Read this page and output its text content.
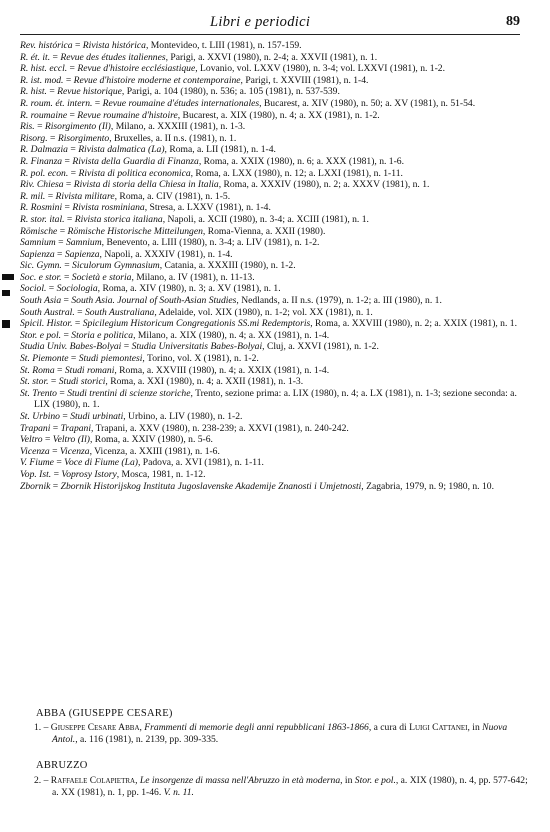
Libri e periodici	89

Rev. histórica = Rivista histórica, Montevideo, t. LIII (1981), n. 157-159.

R. ét. it. = Revue des études italiennes, Parigi, a. XXVI (1980), n. 2-4; a. XXVII (1981), n. 1.

R. hist. eccl. = Revue d'histoire ecclésiastique, Lovanio, vol. LXXV (1980), n. 3-4; vol. LXXVI (1981), n. 1-2.

R. ist. mod. = Revue d'histoire moderne et contemporaine, Parigi, t. XXVIII (1981), n. 1-4.

R. hist. = Revue historique, Parigi, a. 104 (1980), n. 536; a. 105 (1981), n. 537-539.

R. roum. ét. intern. = Revue roumaine d'études internationales, Bucarest, a. XIV (1980), n. 50; a. XV (1981), n. 51-54.

R. roumaine = Revue roumaine d'histoire, Bucarest, a. XIX (1980), n. 4; a. XX (1981), n. 1-2.

Ris. = Risorgimento (Il), Milano, a. XXXIII (1981), n. 1-3.

Risorg. = Risorgimento, Bruxelles, a. II n.s. (1981), n. 1.

R. Dalmazia = Rivista dalmatica (La), Roma, a. LII (1981), n. 1-4.

R. Finanza = Rivista della Guardia di Finanza, Roma, a. XXIX (1980), n. 6; a. XXX (1981), n. 1-6.

R. pol. econ. = Rivista di politica economica, Roma, a. LXX (1980), n. 12; a. LXXI (1981), n. 1-11.

Riv. Chiesa = Rivista di storia della Chiesa in Italia, Roma, a. XXXIV (1980), n. 2; a. XXXV (1981), n. 1.

R. mil. = Rivista militare, Roma, a. CIV (1981), n. 1-5.

R. Rosmini = Rivista rosminiana, Stresa, a. LXXV (1981), n. 1-4.

R. stor. ital. = Rivista storica italiana, Napoli, a. XCII (1980), n. 3-4; a. XCIII (1981), n. 1.

Römische = Römische Historische Mitteilungen, Roma-Vienna, a. XXII (1980).

Samnium = Samnium, Benevento, a. LIII (1980), n. 3-4; a. LIV (1981), n. 1-2.

Sapienza = Sapienza, Napoli, a. XXXIV (1981), n. 1-4.

Sic. Gymn. = Siculorum Gymnasium, Catania, a. XXXIII (1980), n. 1-2.

Soc. e stor. = Società e storia, Milano, a. IV (1981), n. 11-13.

Sociol. = Sociologia, Roma, a. XIV (1980), n. 3; a. XV (1981), n. 1.

South Asia = South Asia. Journal of South-Asian Studies, Nedlands, a. II n.s. (1979), n. 1-2; a. III (1980), n. 1.

South Austral. = South Australiana, Adelaide, vol. XIX (1980), n. 1-2; vol. XX (1981), n. 1.

Spicil. Histor. = Spicilegium Historicum Congregationis SS.mi Redemptoris, Roma, a. XXVIII (1980), n. 2; a. XXIX (1981), n. 1.

Stor. e pol. = Storia e politica, Milano, a. XIX (1980), n. 4; a. XX (1981), n. 1-4.

Studia Univ. Babes-Bolyai = Studia Universitatis Babes-Bolyai, Cluj, a. XXVI (1981), n. 1-2.

St. Piemonte = Studi piemontesi, Torino, vol. X (1981), n. 1-2.

St. Roma = Studi romani, Roma, a. XXVIII (1980), n. 4; a. XXIX (1981), n. 1-4.

St. stor. = Studi storici, Roma, a. XXI (1980), n. 4; a. XXII (1981), n. 1-3.

St. Trento = Studi trentini di scienze storiche, Trento, sezione prima: a. LIX (1980), n. 4; a. LX (1981), n. 1-3; sezione seconda: a. LIX (1980), n. 1.

St. Urbino = Studi urbinati, Urbino, a. LIV (1980), n. 1-2.

Trapani = Trapani, Trapani, a. XXV (1980), n. 238-239; a. XXVI (1981), n. 240-242.

Veltro = Veltro (Il), Roma, a. XXIV (1980), n. 5-6.

Vicenza = Vicenza, Vicenza, a. XXIII (1981), n. 1-6.

V. Fiume = Voce di Fiume (La), Padova, a. XVI (1981), n. 1-11.

Vop. Ist. = Voprosy Istory, Mosca, 1981, n. 1-12.

Zbornik = Zbornik Historijskog Instituta Jugoslavenske Akademije Znanosti i Umjetnosti, Zagabria, 1979, n. 9; 1980, n. 10.

ABBA (GIUSEPPE CESARE)

1. – Giuseppe Cesare Abba, Frammenti di memorie degli anni repubblicani 1863-1866, a cura di Luigi Cattanei, in Nuova Antol., a. 116 (1981), n. 2139, pp. 309-335.

ABRUZZO

2. – Raffaele Colapietra, Le insorgenze di massa nell'Abruzzo in età moderna, in Stor. e pol., a. XIX (1980), n. 4, pp. 577-642; a. XX (1981), n. 1, pp. 1-46. V. n. 11.
